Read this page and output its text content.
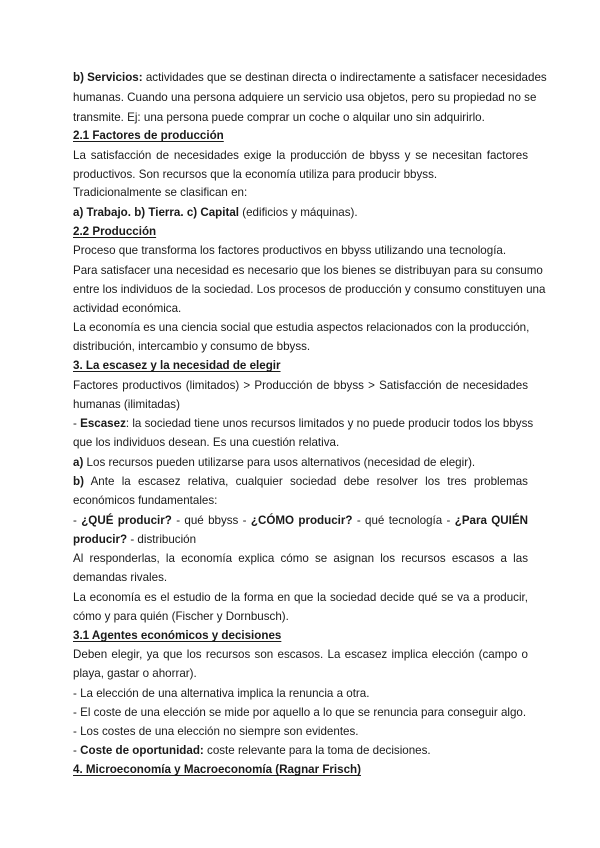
b) Servicios: actividades que se destinan directa o indirectamente a satisfacer necesidades
humanas. Cuando una persona adquiere un servicio usa objetos, pero su propiedad no se
transmite. Ej: una persona puede comprar un coche o alquilar uno sin adquirirlo.
2.1 Factores de producción
La satisfacción de necesidades exige la producción de bbyss y se necesitan factores
productivos. Son recursos que la economía utiliza para producir bbyss.
Tradicionalmente se clasifican en:
a) Trabajo. b) Tierra. c) Capital (edificios y máquinas).
2.2 Producción
Proceso que transforma los factores productivos en bbyss utilizando una tecnología.
Para satisfacer una necesidad es necesario que los bienes se distribuyan para su consumo
entre los individuos de la sociedad. Los procesos de producción y consumo constituyen una
actividad económica.
La economía es una ciencia social que estudia aspectos relacionados con la producción,
distribución, intercambio y consumo de bbyss.
3. La escasez y la necesidad de elegir
Factores productivos (limitados) > Producción de bbyss > Satisfacción de necesidades
humanas (ilimitadas)
- Escasez: la sociedad tiene unos recursos limitados y no puede producir todos los bbyss
que los individuos desean. Es una cuestión relativa.
a) Los recursos pueden utilizarse para usos alternativos (necesidad de elegir).
b) Ante la escasez relativa, cualquier sociedad debe resolver los tres problemas
económicos fundamentales:
- ¿QUÉ producir? - qué bbyss - ¿CÓMO producir? - qué tecnología - ¿Para QUIÉN
producir? - distribución
Al responderlas, la economía explica cómo se asignan los recursos escasos a las
demandas rivales.
La economía es el estudio de la forma en que la sociedad decide qué se va a producir,
cómo y para quién (Fischer y Dornbusch).
3.1 Agentes económicos y decisiones
Deben elegir, ya que los recursos son escasos. La escasez implica elección (campo o
playa, gastar o ahorrar).
- La elección de una alternativa implica la renuncia a otra.
- El coste de una elección se mide por aquello a lo que se renuncia para conseguir algo.
- Los costes de una elección no siempre son evidentes.
- Coste de oportunidad: coste relevante para la toma de decisiones.
4. Microeconomía y Macroeconomía (Ragnar Frisch)
